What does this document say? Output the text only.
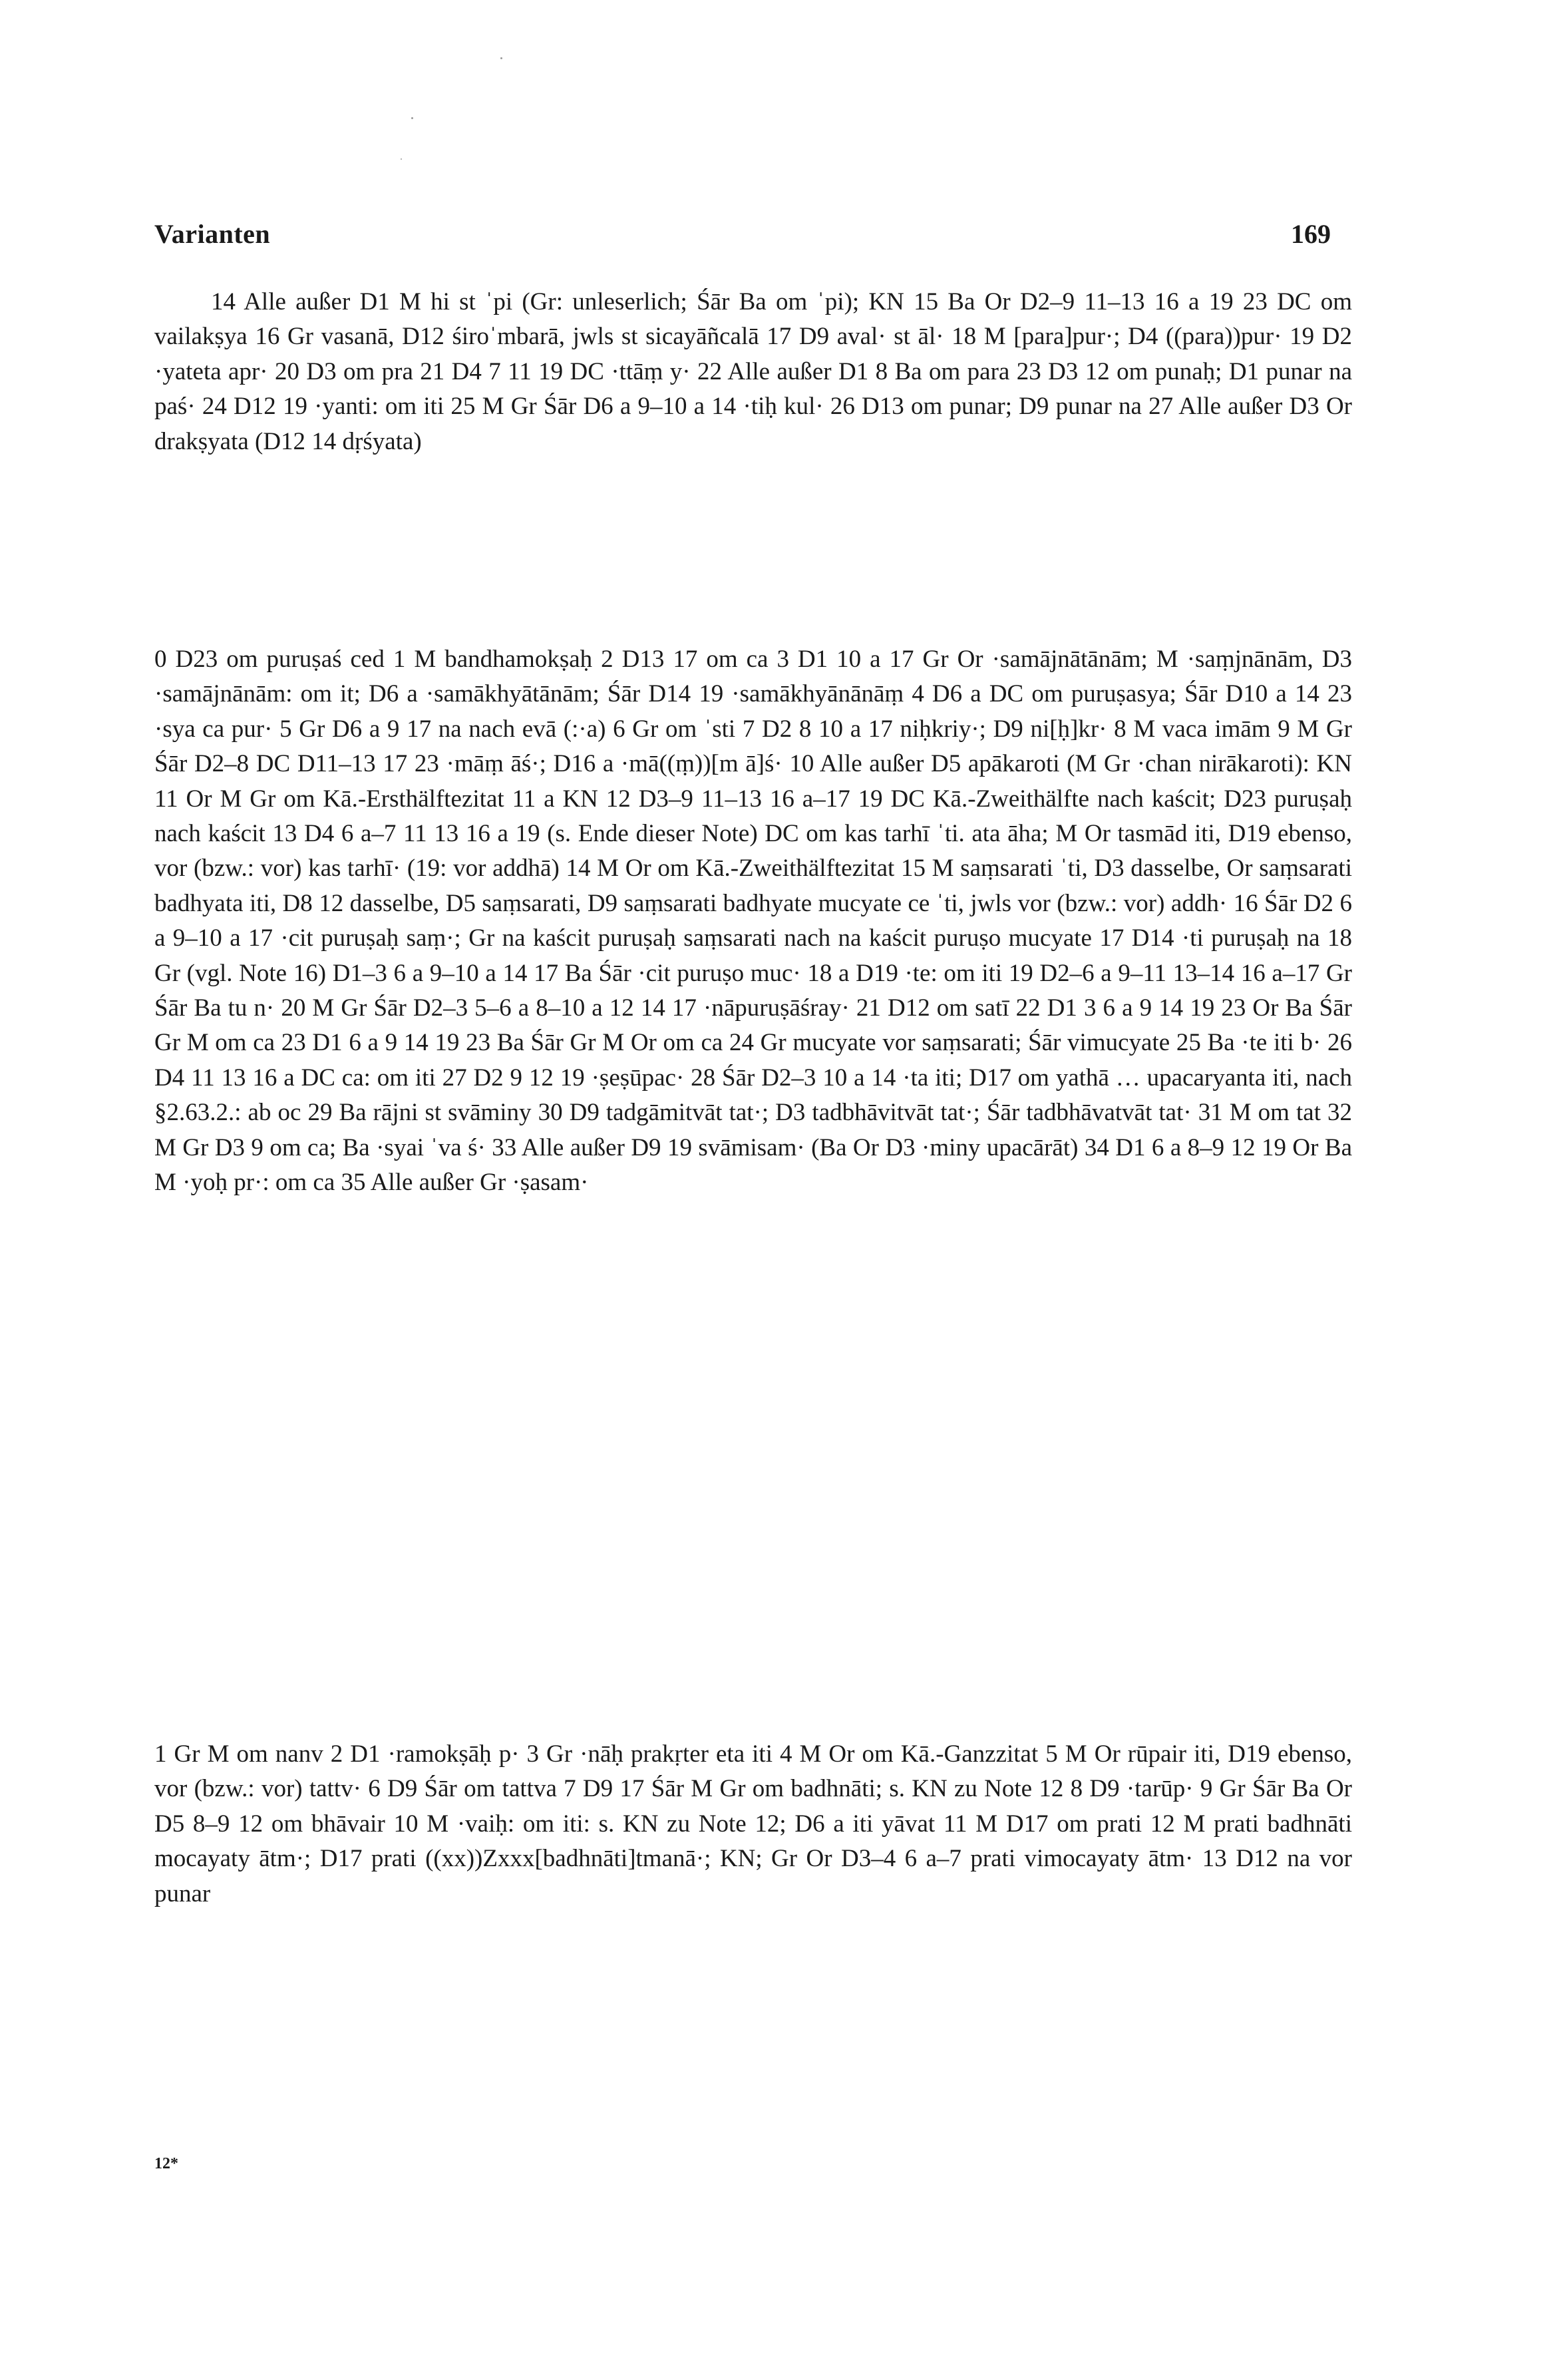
Varianten	169

14 Alle außer D1 M hi st ˈpi (Gr: unleserlich; Śār Ba om ˈpi); KN 15 Ba Or D2–9 11–13 16 a 19 23 DC om vailakṣya 16 Gr vasanā, D12 śiroˈmbarā, jwls st sicayāñcalā 17 D9 aval· st āl· 18 M [para]pur·; D4 ((para))pur· 19 D2 ·yateta apr· 20 D3 om pra 21 D4 7 11 19 DC ·ttāṃ y· 22 Alle außer D1 8 Ba om para 23 D3 12 om punaḥ; D1 punar na paś· 24 D12 19 ·yanti: om iti 25 M Gr Śār D6 a 9–10 a 14 ·tiḥ kul· 26 D13 om punar; D9 punar na 27 Alle außer D3 Or drakṣyata (D12 14 dṛśyata)

0 D23 om puruṣaś ced 1 M bandhamokṣaḥ 2 D13 17 om ca 3 D1 10 a 17 Gr Or ·samājnātānām; M ·saṃjnānām, D3 ·samājnānām: om it; D6 a ·samākhyātānām; Śār D14 19 ·samākhyānānāṃ 4 D6 a DC om puruṣasya; Śār D10 a 14 23 ·sya ca pur· 5 Gr D6 a 9 17 na nach evā (:·a) 6 Gr om ˈsti 7 D2 8 10 a 17 niḥkriy·; D9 ni[ḥ]kr· 8 M vaca imām 9 M Gr Śār D2–8 DC D11–13 17 23 ·māṃ āś·; D16 a ·mā((ṃ))[m ā]ś· 10 Alle außer D5 apākaroti (M Gr ·chan nirākaroti): KN 11 Or M Gr om Kā.-Ersthälftezitat 11 a KN 12 D3–9 11–13 16 a–17 19 DC Kā.-Zweithälfte nach kaścit; D23 puruṣaḥ nach kaścit 13 D4 6 a–7 11 13 16 a 19 (s. Ende dieser Note) DC om kas tarhī ˈti. ata āha; M Or tasmād iti, D19 ebenso, vor (bzw.: vor) kas tarhī· (19: vor addhā) 14 M Or om Kā.-Zweithälftezitat 15 M saṃsarati ˈti, D3 dasselbe, Or saṃsarati badhyata iti, D8 12 dasselbe, D5 saṃsarati, D9 saṃsarati badhyate mucyate ce ˈti, jwls vor (bzw.: vor) addh· 16 Śār D2 6 a 9–10 a 17 ·cit puruṣaḥ saṃ·; Gr na kaścit puruṣaḥ saṃsarati nach na kaścit puruṣo mucyate 17 D14 ·ti puruṣaḥ na 18 Gr (vgl. Note 16) D1–3 6 a 9–10 a 14 17 Ba Śār ·cit puruṣo muc· 18 a D19 ·te: om iti 19 D2–6 a 9–11 13–14 16 a–17 Gr Śār Ba tu n· 20 M Gr Śār D2–3 5–6 a 8–10 a 12 14 17 ·nāpuruṣāśray· 21 D12 om satī 22 D1 3 6 a 9 14 19 23 Or Ba Śār Gr M om ca 23 D1 6 a 9 14 19 23 Ba Śār Gr M Or om ca 24 Gr mucyate vor saṃsarati; Śār vimucyate 25 Ba ·te iti b· 26 D4 11 13 16 a DC ca: om iti 27 D2 9 12 19 ·ṣeṣūpac· 28 Śār D2–3 10 a 14 ·ta iti; D17 om yathā … upacaryanta iti, nach §2.63.2.: ab oc 29 Ba rājni st svāminy 30 D9 tadgāmitvāt tat·; D3 tadbhāvitvāt tat·; Śār tadbhāvatvāt tat· 31 M om tat 32 M Gr D3 9 om ca; Ba ·syai ˈva ś· 33 Alle außer D9 19 svāmisam· (Ba Or D3 ·miny upacārāt) 34 D1 6 a 8–9 12 19 Or Ba M ·yoḥ pr·: om ca 35 Alle außer Gr ·ṣasam·

1 Gr M om nanv 2 D1 ·ramokṣāḥ p· 3 Gr ·nāḥ prakṛter eta iti 4 M Or om Kā.-Ganzzitat 5 M Or rūpair iti, D19 ebenso, vor (bzw.: vor) tattv· 6 D9 Śār om tattva 7 D9 17 Śār M Gr om badhnāti; s. KN zu Note 12 8 D9 ·tarūp· 9 Gr Śār Ba Or D5 8–9 12 om bhāvair 10 M ·vaiḥ: om iti: s. KN zu Note 12; D6 a iti yāvat 11 M D17 om prati 12 M prati badhnāti mocayaty ātm·; D17 prati ((xx))Zxxx[badhnāti]tmanā·; KN; Gr Or D3–4 6 a–7 prati vimocayaty ātm· 13 D12 na vor punar

12*
